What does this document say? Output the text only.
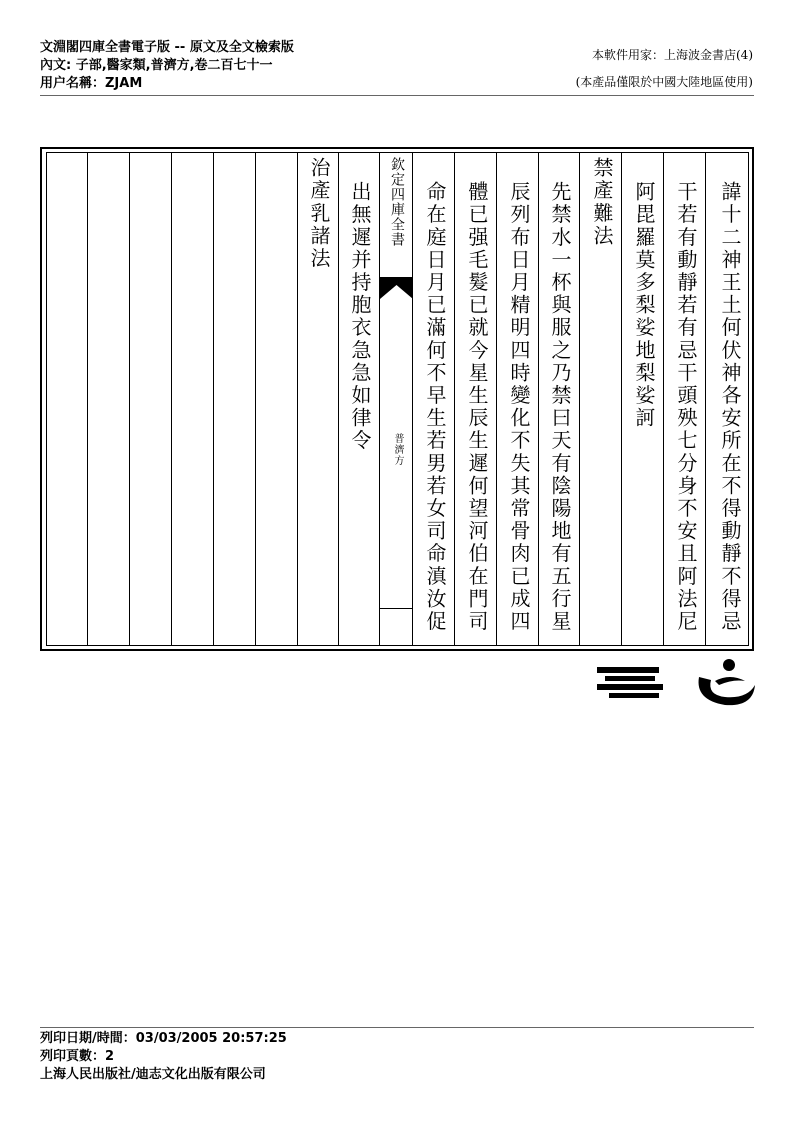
文淵閣四庫全書電子版 -- 原文及全文檢索版
內文: 子部,醫家類,普濟方,卷二百七十一
用户名稱：ZJAM
本軟件用家：上海波金書店(4)
(本產品僅限於中國大陸地區使用)
諱十二神王土何伏神各安所在不得動靜不得忌
干若有動靜若有忌干頭殃七分身不安且阿法尼
阿毘羅莫多梨娑地梨娑訶
禁產難法
先禁水一杯與服之乃禁曰天有陰陽地有五行星
辰列布日月精明四時變化不失其常骨肉已成四
體已强毛髮已就今星生辰生遲何望河伯在門司
命在庭日月已滿何不早生若男若女司命滇汝促
欽定四庫全書
普濟方
出無遲并持胞衣急急如律令
治產乳諸法
列印日期/時間：03/03/2005 20:57:25
列印頁數：2
上海人民出版社/迪志文化出版有限公司
